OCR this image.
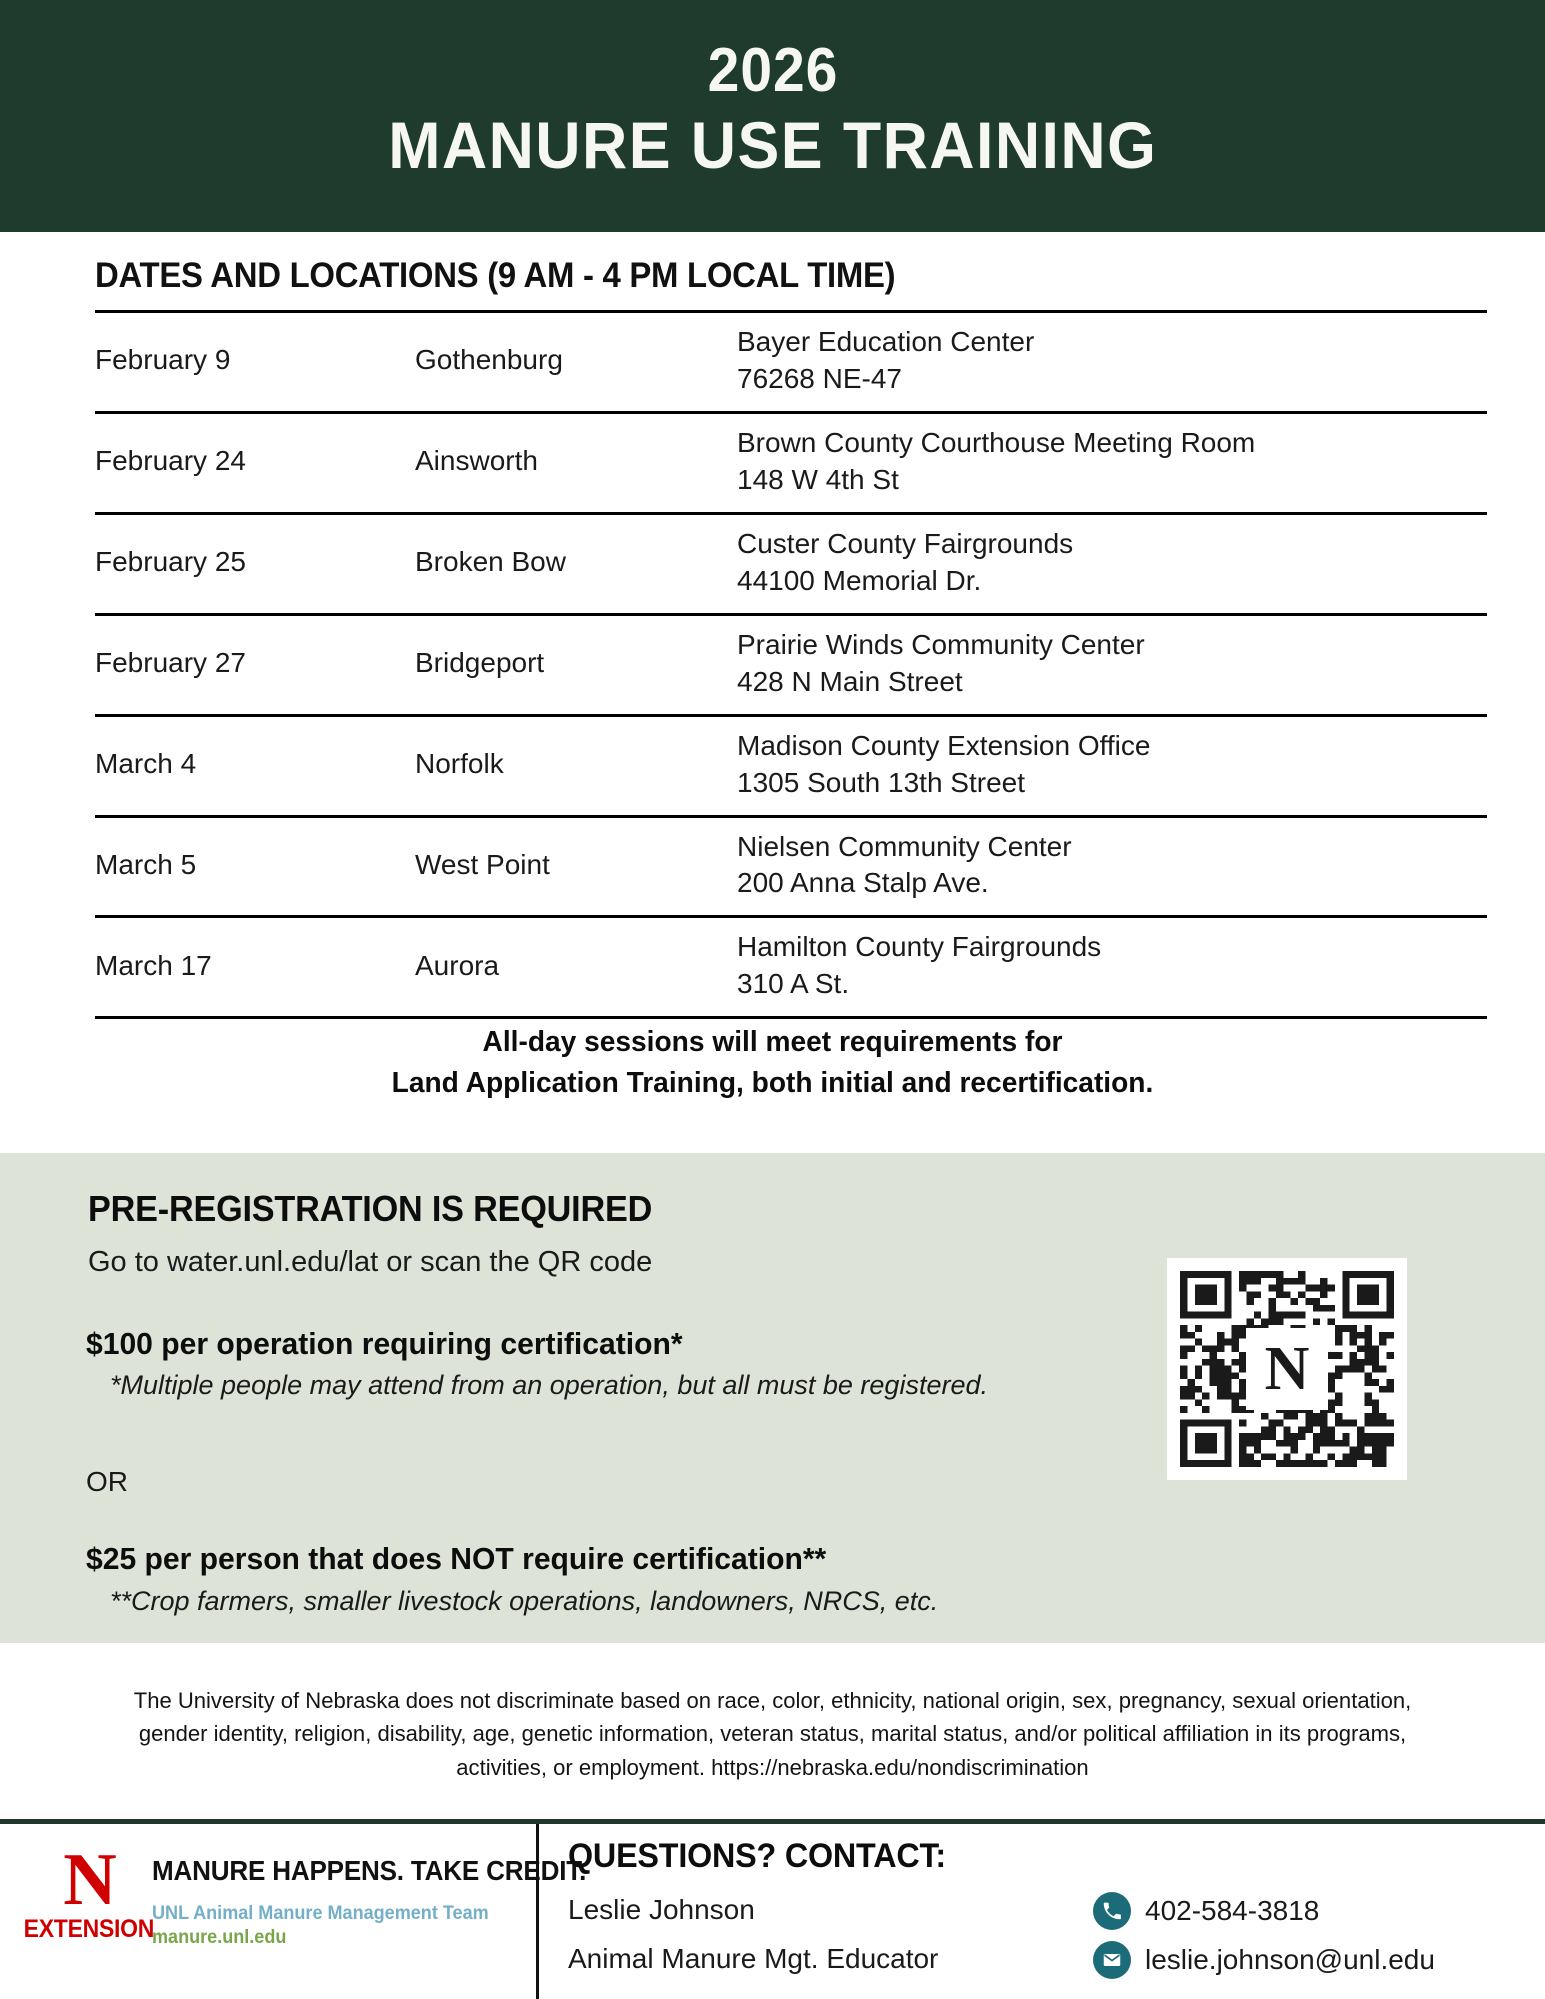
2026
MANURE USE TRAINING
DATES AND LOCATIONS (9 AM - 4 PM LOCAL TIME)
February 9	Gothenburg	Bayer Education Center
76268 NE-47

February 24	Ainsworth	Brown County Courthouse Meeting Room
148 W 4th St

February 25	Broken Bow	Custer County Fairgrounds
44100 Memorial Dr.

February 27	Bridgeport	Prairie Winds Community Center
428 N Main Street

March 4	Norfolk	Madison County Extension Office
1305 South 13th Street

March 5	West Point	Nielsen Community Center
200 Anna Stalp Ave.

March 17	Aurora	Hamilton County Fairgrounds
310 A St.
All-day sessions will meet requirements for
Land Application Training, both initial and recertification.
PRE-REGISTRATION IS REQUIRED
Go to water.unl.edu/lat or scan the QR code
$100 per operation requiring certification*
*Multiple people may attend from an operation, but all must be registered.
OR
$25 per person that does NOT require certification**
**Crop farmers, smaller livestock operations, landowners, NRCS, etc.
N
The University of Nebraska does not discriminate based on race, color, ethnicity, national origin, sex, pregnancy, sexual orientation, gender identity, religion, disability, age, genetic information, veteran status, marital status, and/or political affiliation in its programs, activities, or employment. https://nebraska.edu/nondiscrimination
N
EXTENSION
MANURE HAPPENS. TAKE CREDIT.
UNL Animal Manure Management Team
manure.unl.edu
QUESTIONS? CONTACT:
Leslie Johnson
Animal Manure Mgt. Educator
402-584-3818
leslie.johnson@unl.edu
